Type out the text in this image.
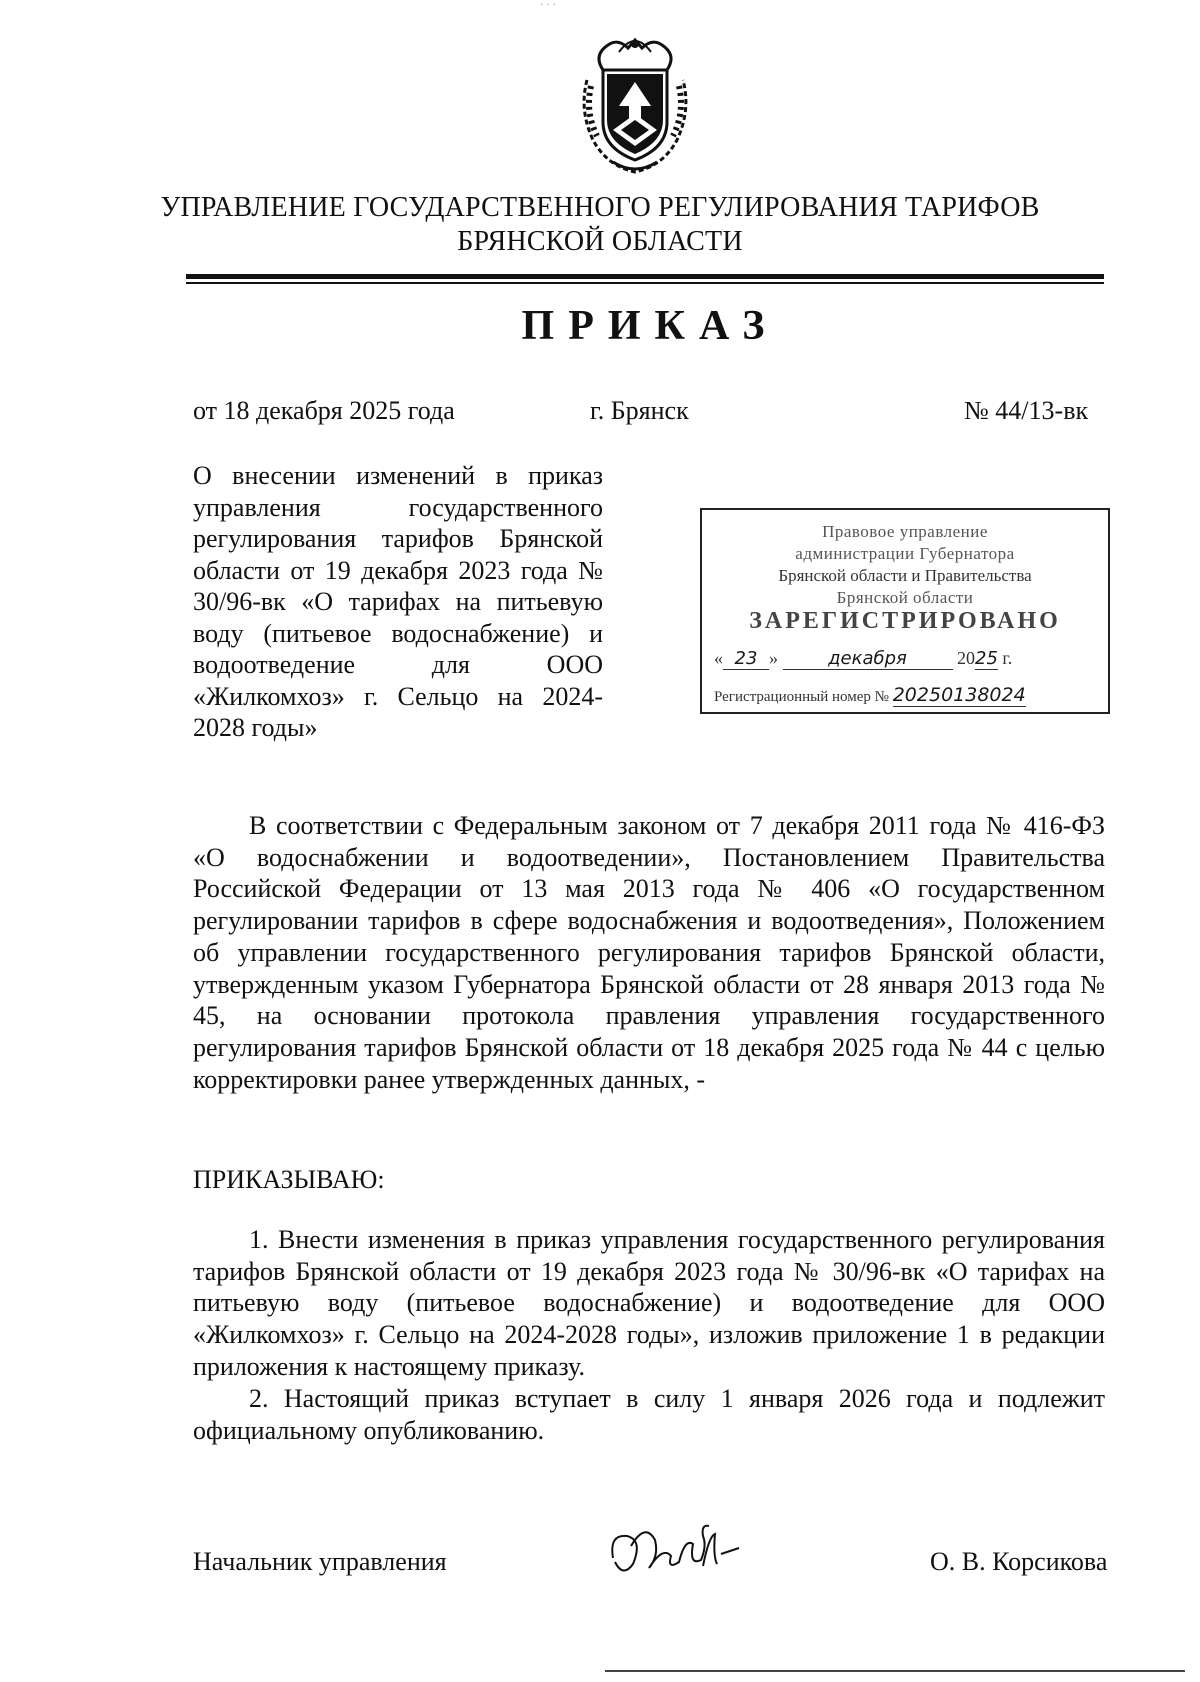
···
УПРАВЛЕНИЕ ГОСУДАРСТВЕННОГО РЕГУЛИРОВАНИЯ ТАРИФОВ
БРЯНСКОЙ ОБЛАСТИ
ПРИКАЗ
от 18 декабря 2025 года	г. Брянск	№ 44/13-вк
О внесении изменений в приказ управления государственного регулирования тарифов Брянской области от 19 декабря 2023 года № 30/96-вк «О тарифах на питьевую воду (питьевое водоснабжение) и водоотведение для ООО «Жилкомхоз» г. Сельцо на 2024-2028 годы»
Правовое управление
администрации Губернатора
Брянской области и Правительства
Брянской области
ЗАРЕГИСТРИРОВАНО
« 23 »	декабря	2025 г.
Регистрационный номер № 20250138024
В соответствии с Федеральным законом от 7 декабря 2011 года № 416-ФЗ «О водоснабжении и водоотведении», Постановлением Правительства Российской Федерации от 13 мая 2013 года № 406 «О государственном регулировании тарифов в сфере водоснабжения и водоотведения», Положением об управлении государственного регулирования тарифов Брянской области, утвержденным указом Губернатора Брянской области от 28 января 2013 года № 45, на основании протокола правления управления государственного регулирования тарифов Брянской области от 18 декабря 2025 года № 44 с целью корректировки ранее утвержденных данных, -
ПРИКАЗЫВАЮ:
1. Внести изменения в приказ управления государственного регулирования тарифов Брянской области от 19 декабря 2023 года № 30/96-вк «О тарифах на питьевую воду (питьевое водоснабжение) и водоотведение для ООО «Жилкомхоз» г. Сельцо на 2024-2028 годы», изложив приложение 1 в редакции приложения к настоящему приказу.
2. Настоящий приказ вступает в силу 1 января 2026 года и подлежит официальному опубликованию.
Начальник управления	О. В. Корсикова
